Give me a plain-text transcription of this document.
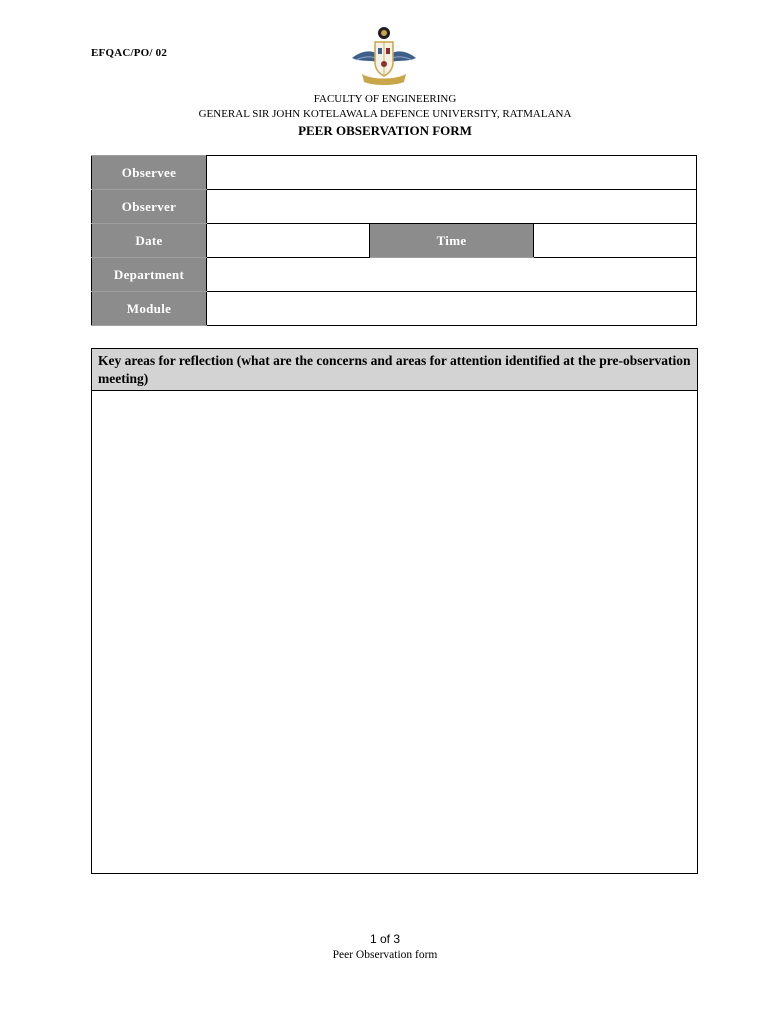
EFQAC/PO/ 02
FACULTY OF ENGINEERING
GENERAL SIR JOHN KOTELAWALA DEFENCE UNIVERSITY, RATMALANA
PEER OBSERVATION FORM
Observee			
Observer			
Date		Time	
Department			
Module			
Key areas for reflection (what are the concerns and areas for attention identified at the pre-observation meeting)
1 of 3
Peer Observation form
